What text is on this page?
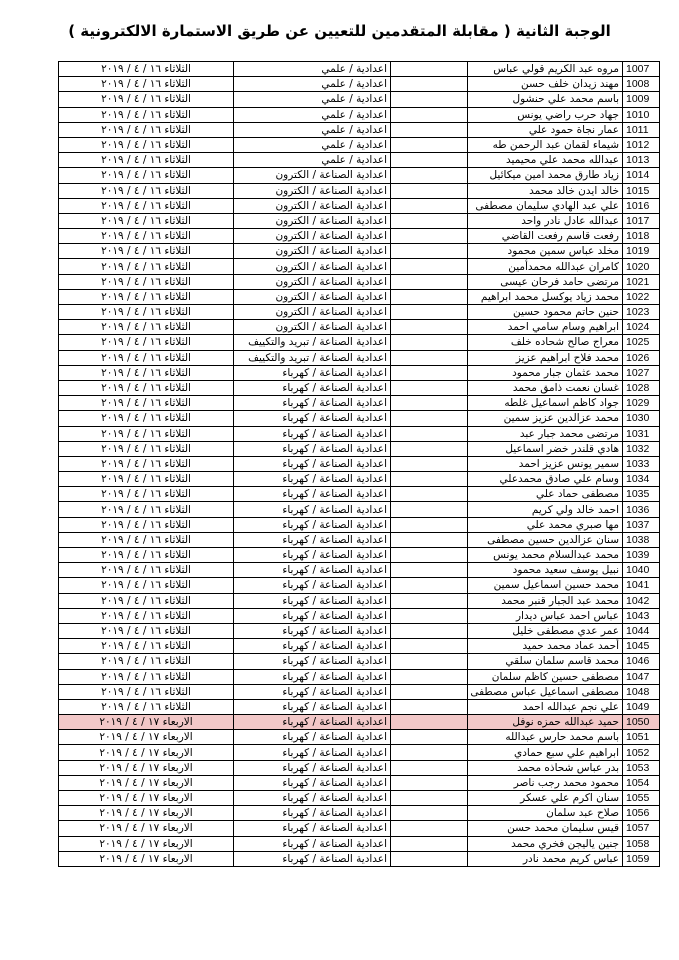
الوجبة الثانية ( مقابلة المتقدمين للتعيين عن طريق الاستمارة الالكترونية )
1007	مروه عبد الكريم قولي عباس		اعدادية / علمي	الثلاثاء ١٦ / ٤ / ٢٠١٩
1008	مهند زيدان خلف حسن		اعدادية / علمي	الثلاثاء ١٦ / ٤ / ٢٠١٩
1009	باسم محمد علي حنشول		اعدادية / علمي	الثلاثاء ١٦ / ٤ / ٢٠١٩
1010	جهاد حرب راضي يونس		اعدادية / علمي	الثلاثاء ١٦ / ٤ / ٢٠١٩
1011	عمار نجاة حمود علي		اعدادية / علمي	الثلاثاء ١٦ / ٤ / ٢٠١٩
1012	شيماء لقمان عبد الرحمن طه		اعدادية / علمي	الثلاثاء ١٦ / ٤ / ٢٠١٩
1013	عبدالله محمد علي محيميد		اعدادية / علمي	الثلاثاء ١٦ / ٤ / ٢٠١٩
1014	زياد طارق محمد امين ميكائيل		اعدادية الصناعة / الكترون	الثلاثاء ١٦ / ٤ / ٢٠١٩
1015	خالد ايدن خالد محمد		اعدادية الصناعة / الكترون	الثلاثاء ١٦ / ٤ / ٢٠١٩
1016	علي عبد الهادي سليمان مصطفى		اعدادية الصناعة / الكترون	الثلاثاء ١٦ / ٤ / ٢٠١٩
1017	عبدالله عادل نادر واحد		اعدادية الصناعة / الكترون	الثلاثاء ١٦ / ٤ / ٢٠١٩
1018	رفعت قاسم رفعت القاضي		اعدادية الصناعة / الكترون	الثلاثاء ١٦ / ٤ / ٢٠١٩
1019	مخلد عباس سمين محمود		اعدادية الصناعة / الكترون	الثلاثاء ١٦ / ٤ / ٢٠١٩
1020	كامران عبدالله محمدأمين		اعدادية الصناعة / الكترون	الثلاثاء ١٦ / ٤ / ٢٠١٩
1021	مرتضى حامد فرحان عيسى		اعدادية الصناعة / الكترون	الثلاثاء ١٦ / ٤ / ٢٠١٩
1022	محمد زياد يوكسل محمد ابراهيم		اعدادية الصناعة / الكترون	الثلاثاء ١٦ / ٤ / ٢٠١٩
1023	حنين حاتم محمود حسين		اعدادية الصناعة / الكترون	الثلاثاء ١٦ / ٤ / ٢٠١٩
1024	ابراهيم وسام سامي احمد		اعدادية الصناعة / الكترون	الثلاثاء ١٦ / ٤ / ٢٠١٩
1025	معراج صالح شحاده خلف		اعدادية الصناعة / تبريد والتكييف	الثلاثاء ١٦ / ٤ / ٢٠١٩
1026	محمد فلاح ابراهيم عزيز		اعدادية الصناعة / تبريد والتكييف	الثلاثاء ١٦ / ٤ / ٢٠١٩
1027	محمد عثمان جبار محمود		اعدادية الصناعة / كهرباء	الثلاثاء ١٦ / ٤ / ٢٠١٩
1028	غسان نعمت ذامق محمد		اعدادية الصناعة / كهرباء	الثلاثاء ١٦ / ٤ / ٢٠١٩
1029	جواد كاظم اسماعيل غلطه		اعدادية الصناعة / كهرباء	الثلاثاء ١٦ / ٤ / ٢٠١٩
1030	محمد عزالدين عزيز سمين		اعدادية الصناعة / كهرباء	الثلاثاء ١٦ / ٤ / ٢٠١٩
1031	مرتضى محمد جبار عبد		اعدادية الصناعة / كهرباء	الثلاثاء ١٦ / ٤ / ٢٠١٩
1032	هادي قلندر خضر اسماعيل		اعدادية الصناعة / كهرباء	الثلاثاء ١٦ / ٤ / ٢٠١٩
1033	سمير يونس عزيز احمد		اعدادية الصناعة / كهرباء	الثلاثاء ١٦ / ٤ / ٢٠١٩
1034	وسام علي صادق محمدعلي		اعدادية الصناعة / كهرباء	الثلاثاء ١٦ / ٤ / ٢٠١٩
1035	مصطفى حماد علي		اعدادية الصناعة / كهرباء	الثلاثاء ١٦ / ٤ / ٢٠١٩
1036	احمد خالد ولي كريم		اعدادية الصناعة / كهرباء	الثلاثاء ١٦ / ٤ / ٢٠١٩
1037	مها صبري محمد علي		اعدادية الصناعة / كهرباء	الثلاثاء ١٦ / ٤ / ٢٠١٩
1038	سنان عزالدين حسين مصطفى		اعدادية الصناعة / كهرباء	الثلاثاء ١٦ / ٤ / ٢٠١٩
1039	محمد عبدالسلام محمد يونس		اعدادية الصناعة / كهرباء	الثلاثاء ١٦ / ٤ / ٢٠١٩
1040	نبيل يوسف سعيد محمود		اعدادية الصناعة / كهرباء	الثلاثاء ١٦ / ٤ / ٢٠١٩
1041	محمد حسين اسماعيل سمين		اعدادية الصناعة / كهرباء	الثلاثاء ١٦ / ٤ / ٢٠١٩
1042	محمد عبد الجبار قنبر محمد		اعدادية الصناعة / كهرباء	الثلاثاء ١٦ / ٤ / ٢٠١٩
1043	عباس احمد عباس ديدار		اعدادية الصناعة / كهرباء	الثلاثاء ١٦ / ٤ / ٢٠١٩
1044	عمر عدي مصطفى خليل		اعدادية الصناعة / كهرباء	الثلاثاء ١٦ / ٤ / ٢٠١٩
1045	أحمد عماد محمد حميد		اعدادية الصناعة / كهرباء	الثلاثاء ١٦ / ٤ / ٢٠١٩
1046	محمد قاسم سلمان سلقي		اعدادية الصناعة / كهرباء	الثلاثاء ١٦ / ٤ / ٢٠١٩
1047	مصطفى حسين كاظم سلمان		اعدادية الصناعة / كهرباء	الثلاثاء ١٦ / ٤ / ٢٠١٩
1048	مصطفى اسماعيل عباس مصطفى		اعدادية الصناعة / كهرباء	الثلاثاء ١٦ / ٤ / ٢٠١٩
1049	علي نجم عبدالله احمد		اعدادية الصناعة / كهرباء	الثلاثاء ١٦ / ٤ / ٢٠١٩
1050	حميد عبدالله حمزه نوفل		اعدادية الصناعة / كهرباء	الاربعاء ١٧ / ٤ / ٢٠١٩
1051	باسم محمد حارس عبدالله		اعدادية الصناعة / كهرباء	الاربعاء ١٧ / ٤ / ٢٠١٩
1052	ابراهيم علي سبع حمادي		اعدادية الصناعة / كهرباء	الاربعاء ١٧ / ٤ / ٢٠١٩
1053	بدر عباس شحاذه محمد		اعدادية الصناعة / كهرباء	الاربعاء ١٧ / ٤ / ٢٠١٩
1054	محمود محمد رجب ناصر		اعدادية الصناعة / كهرباء	الاربعاء ١٧ / ٤ / ٢٠١٩
1055	سنان اكرم علي عسكر		اعدادية الصناعة / كهرباء	الاربعاء ١٧ / ٤ / ٢٠١٩
1056	صلاح عبد سلمان		اعدادية الصناعة / كهرباء	الاربعاء ١٧ / ٤ / ٢٠١٩
1057	قيس سليمان محمد حسن		اعدادية الصناعة / كهرباء	الاربعاء ١٧ / ٤ / ٢٠١٩
1058	جنين ياليجن فخري محمد		اعدادية الصناعة / كهرباء	الاربعاء ١٧ / ٤ / ٢٠١٩
1059	عباس كريم محمد نادر		اعدادية الصناعة / كهرباء	الاربعاء ١٧ / ٤ / ٢٠١٩
